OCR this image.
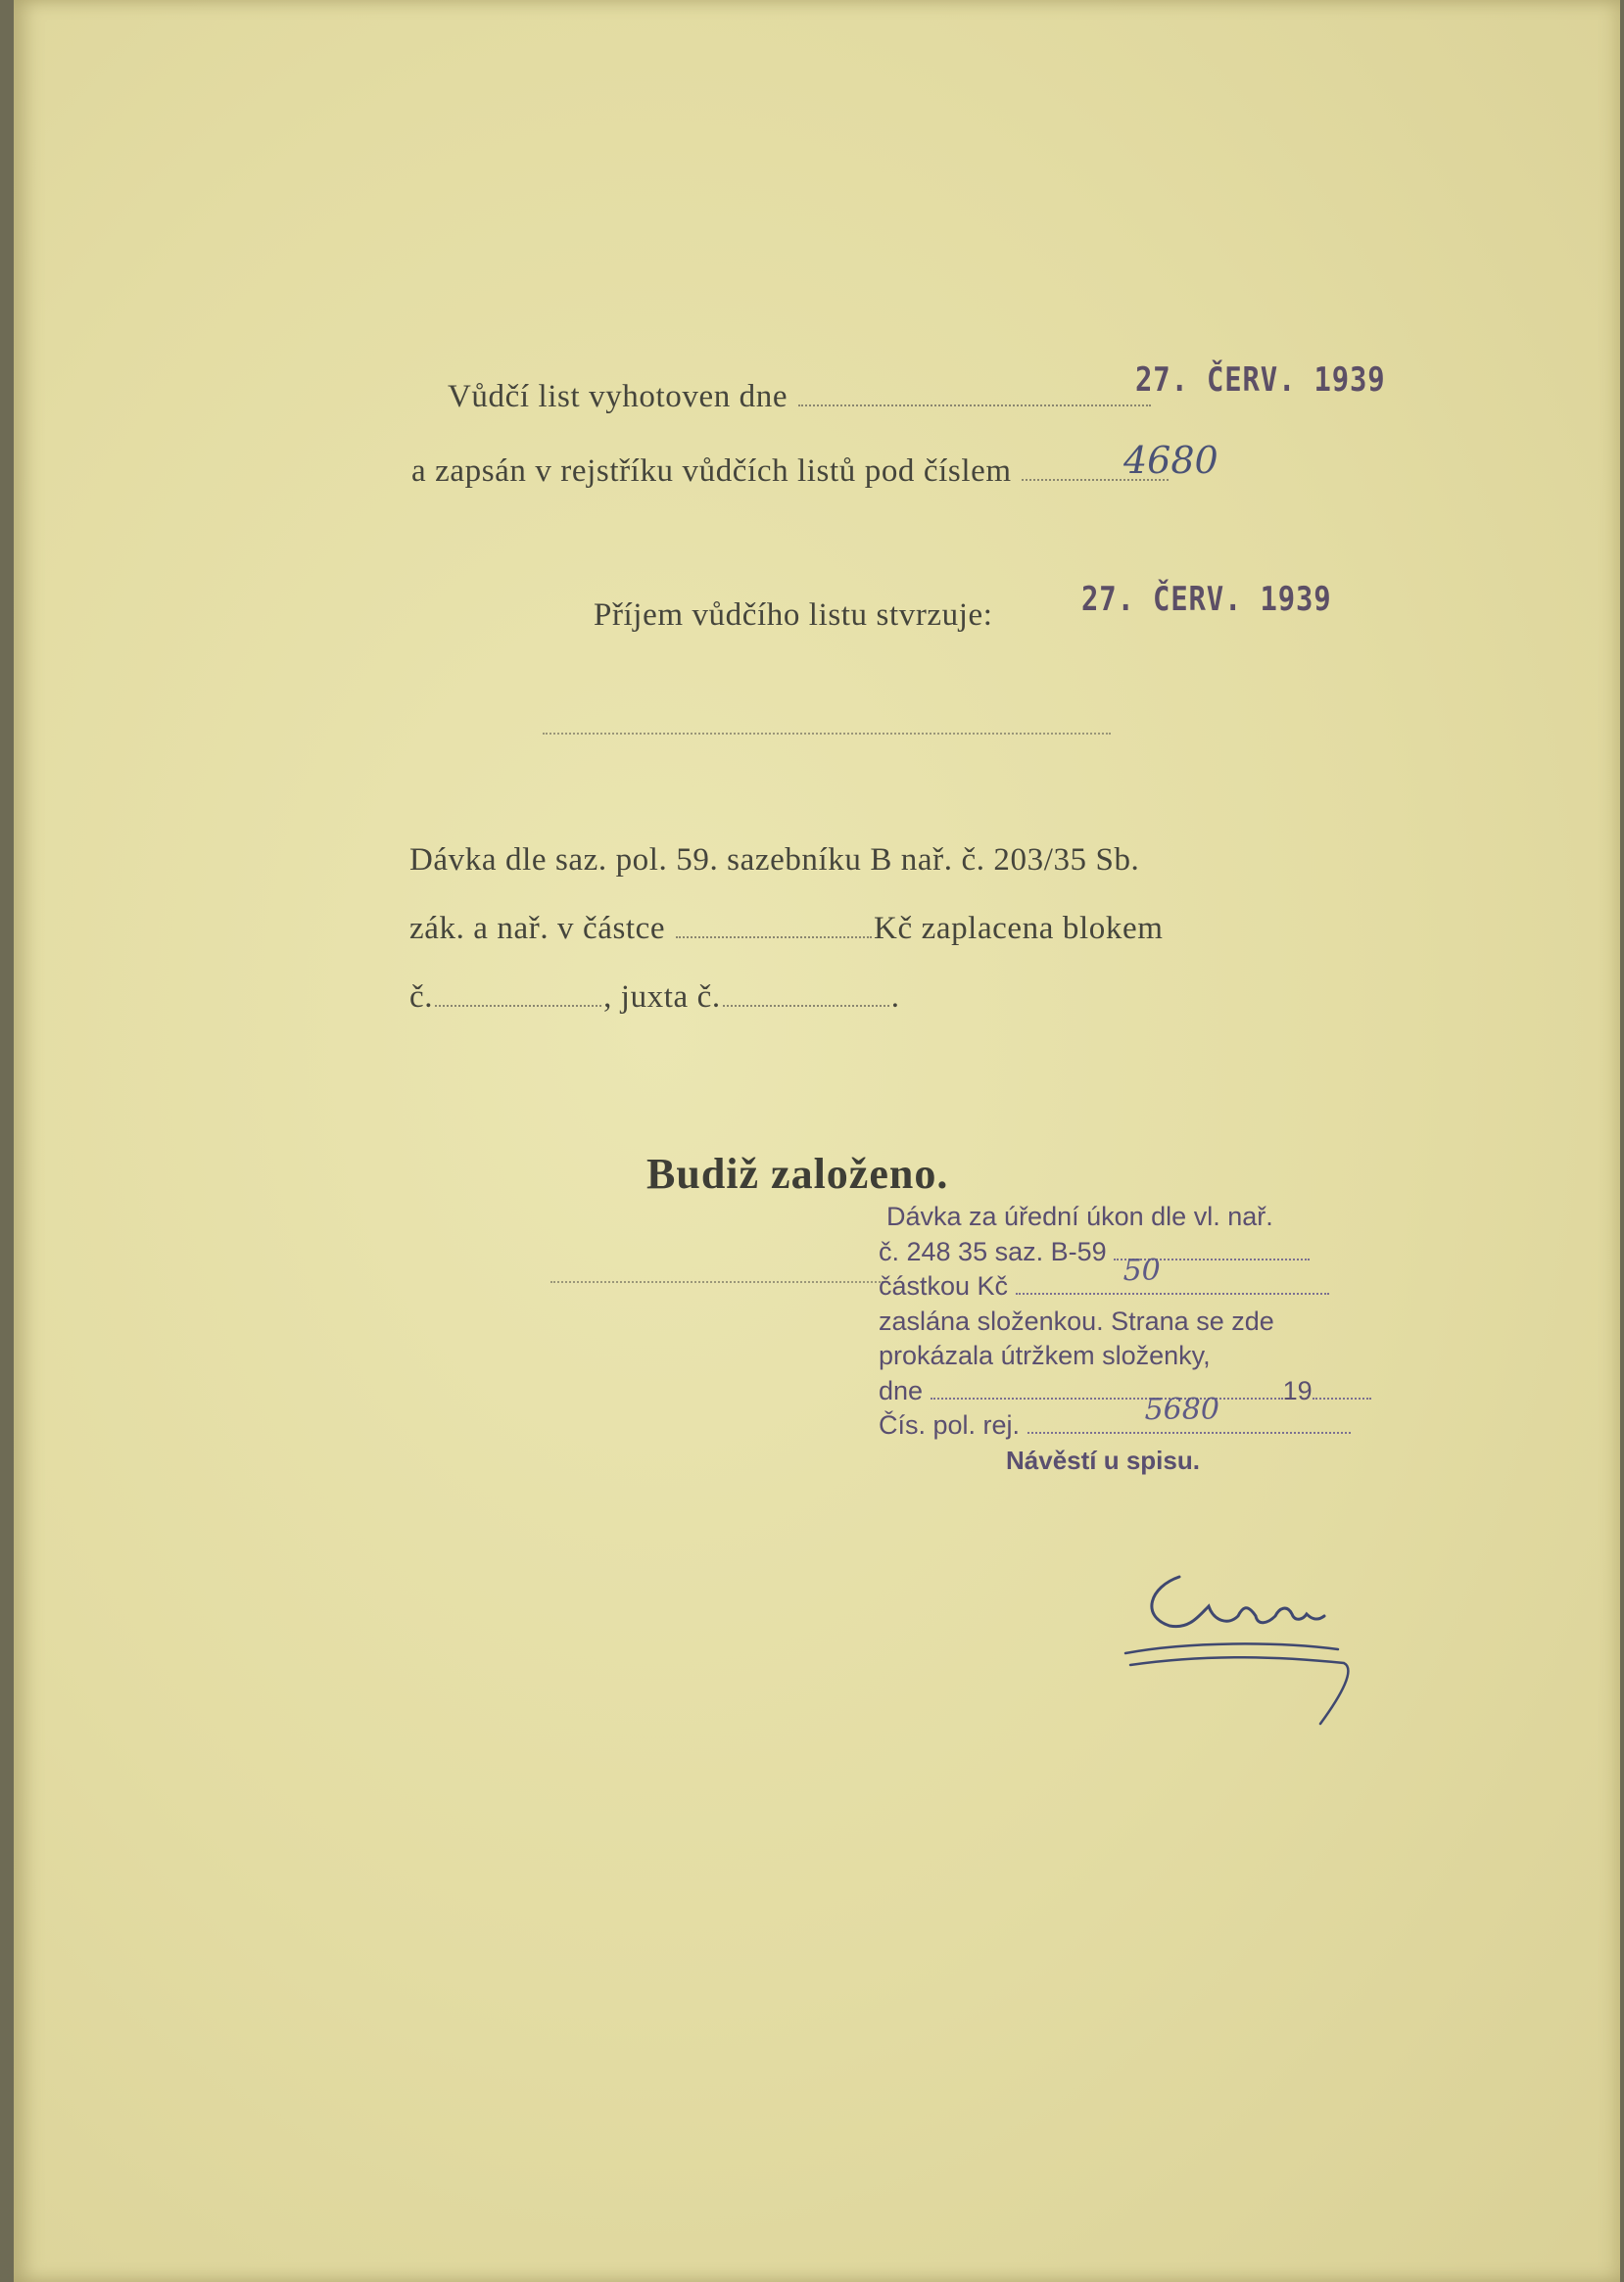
Vůdčí list vyhotoven dne	27. ČERV. 1939
a zapsán v rejstříku vůdčích listů pod číslem	4680
Příjem vůdčího listu stvrzuje:	27. ČERV. 1939
Dávka dle saz. pol. 59. sazebníku B nař. č. 203/35 Sb.
zák. a nař. v částce	Kč zaplacena blokem
č.	, juxta č.	.
Budiž založeno.
Dávka za úřední úkon dle vl. nař.
č. 248 35 saz. B-59
částkou Kč	50
zaslána složenkou. Strana se zde
prokázala útržkem složenky,
dne	19
Čís. pol. rej.	5680
Návěstí u spisu.
